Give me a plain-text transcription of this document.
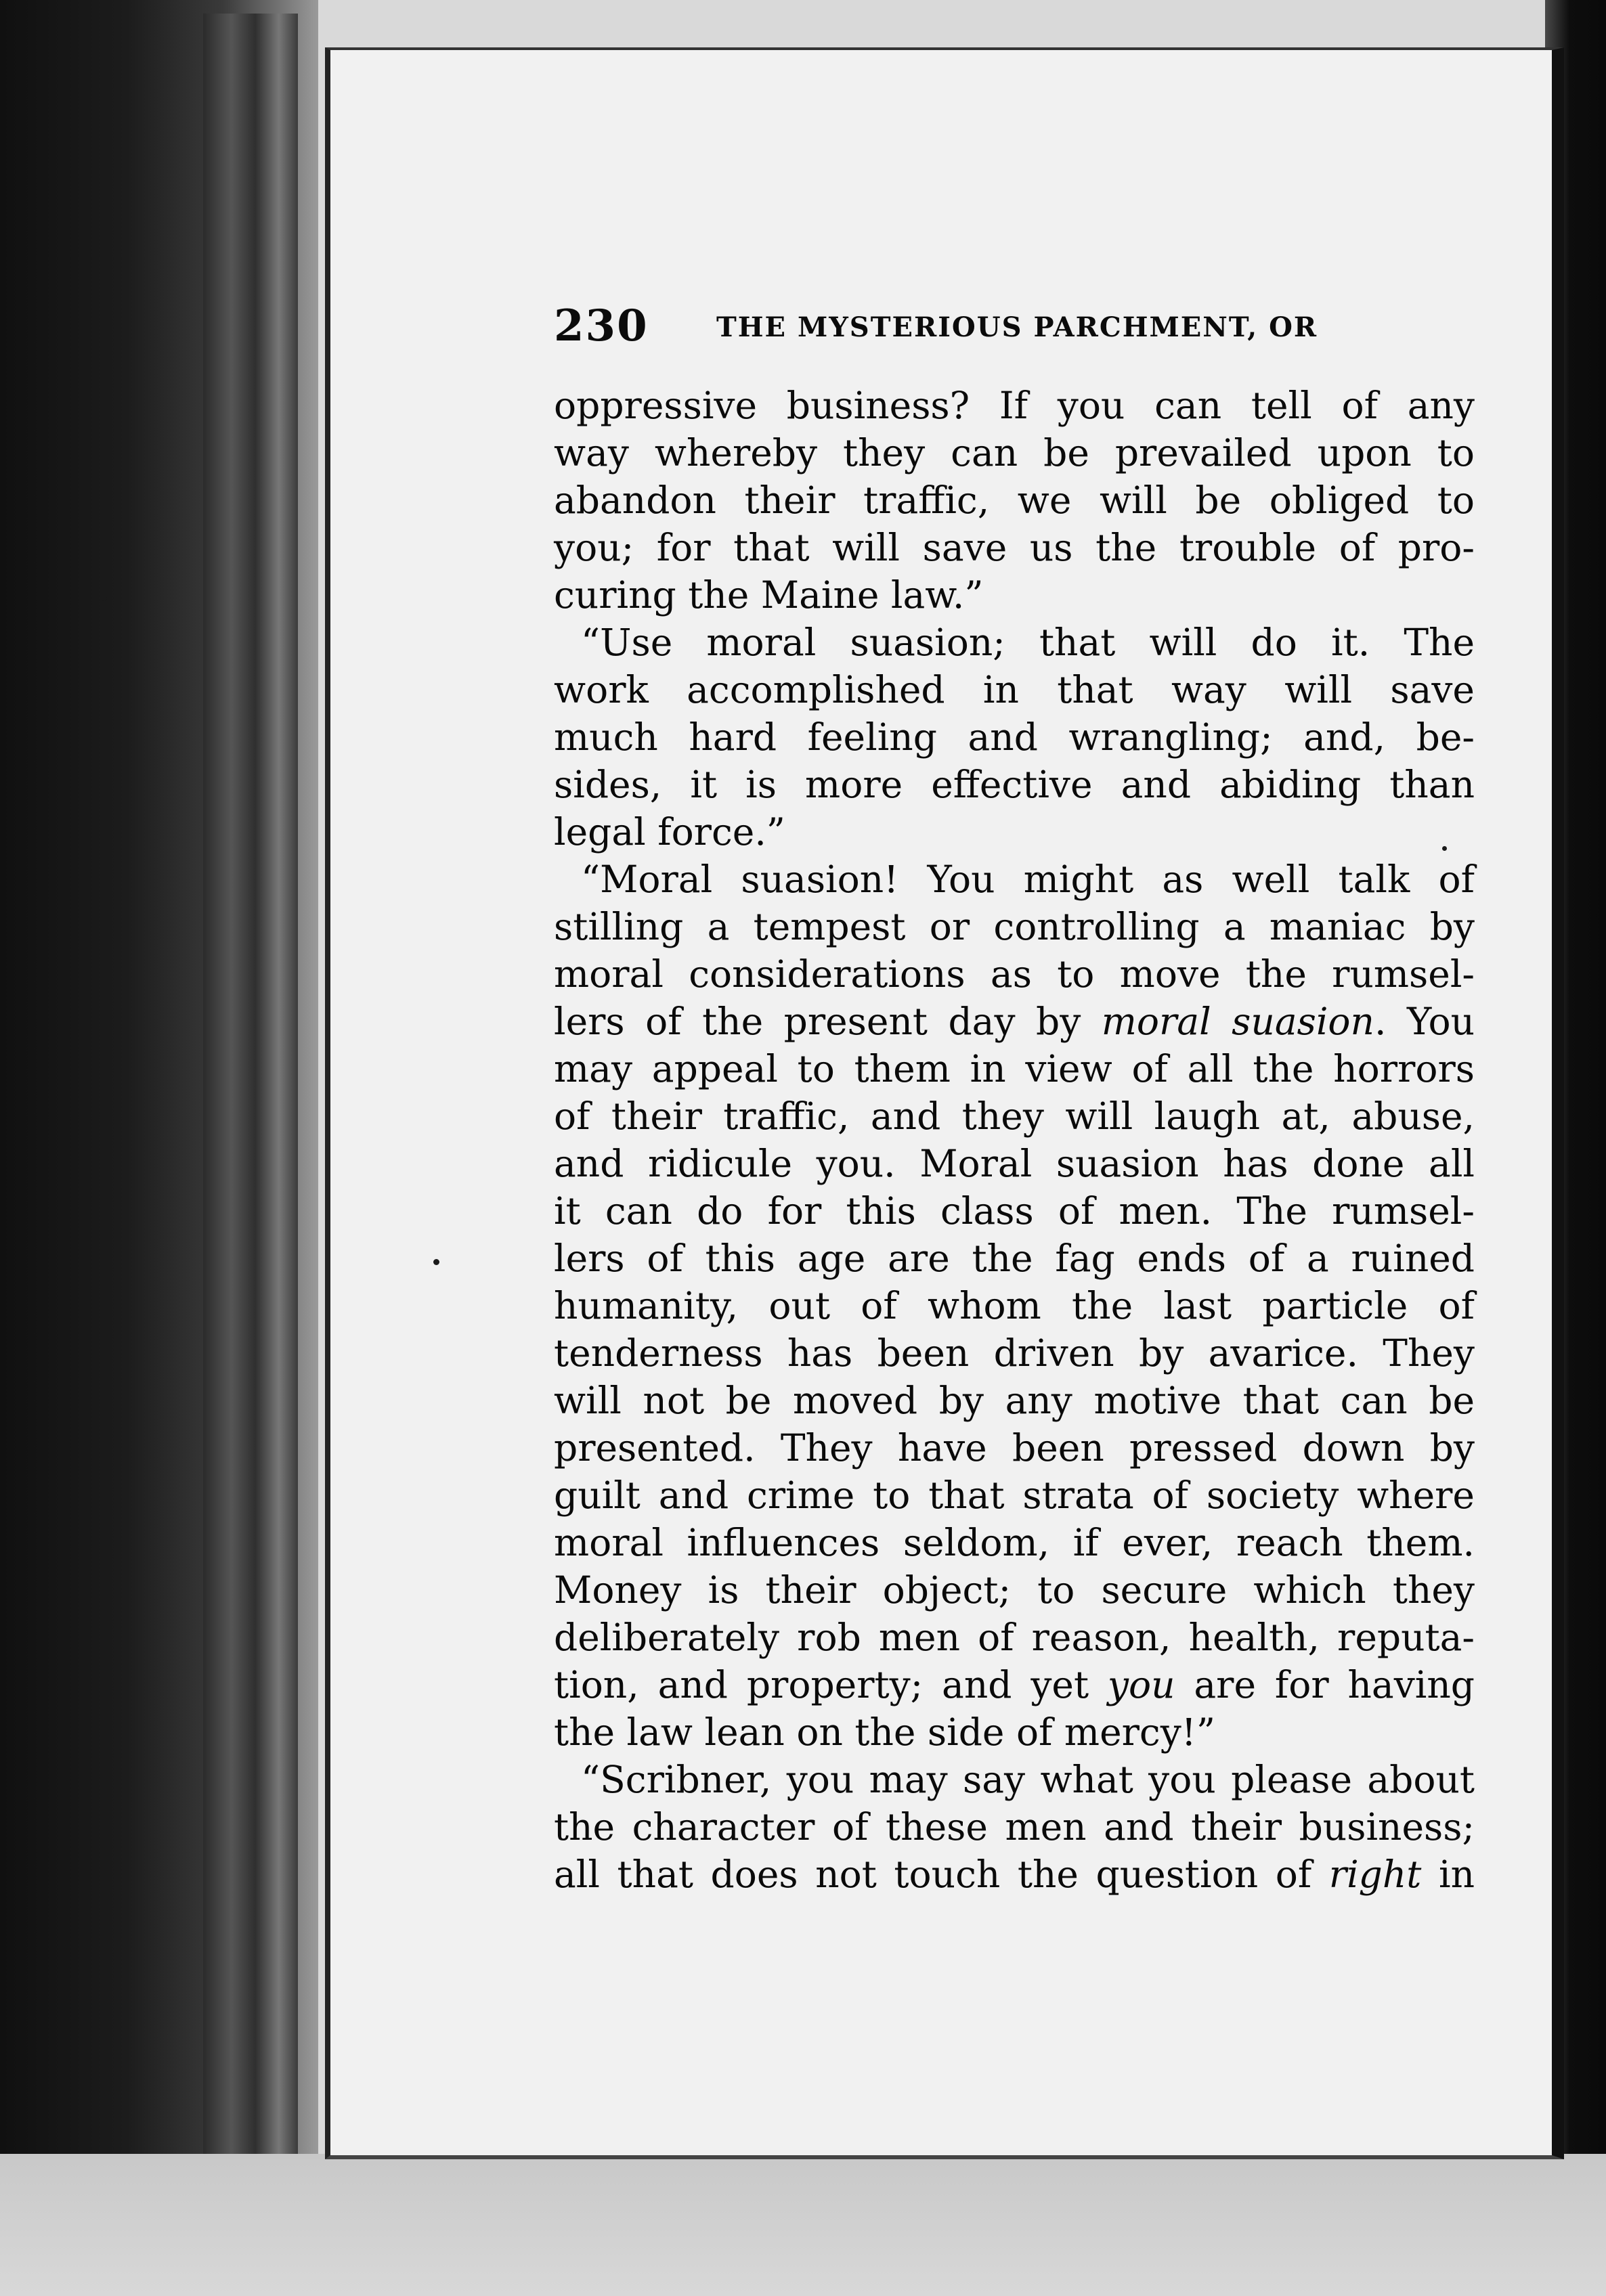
230	THE MYSTERIOUS PARCHMENT, OR
oppressive business? If you can tell of any
way whereby they can be prevailed upon to
abandon their traffic, we will be obliged to
you; for that will save us the trouble of pro-
curing the Maine law.”
“Use moral suasion; that will do it. The
work accomplished in that way will save
much hard feeling and wrangling; and, be-
sides, it is more effective and abiding than
legal force.”
“Moral suasion! You might as well talk of
stilling a tempest or controlling a maniac by
moral considerations as to move the rumsel-
lers of the present day by moral suasion. You
may appeal to them in view of all the horrors
of their traffic, and they will laugh at, abuse,
and ridicule you. Moral suasion has done all
it can do for this class of men. The rumsel-
lers of this age are the fag ends of a ruined
humanity, out of whom the last particle of
tenderness has been driven by avarice. They
will not be moved by any motive that can be
presented. They have been pressed down by
guilt and crime to that strata of society where
moral influences seldom, if ever, reach them.
Money is their object; to secure which they
deliberately rob men of reason, health, reputa-
tion, and property; and yet you are for having
the law lean on the side of mercy!”
“Scribner, you may say what you please about
the character of these men and their business;
all that does not touch the question of right in
